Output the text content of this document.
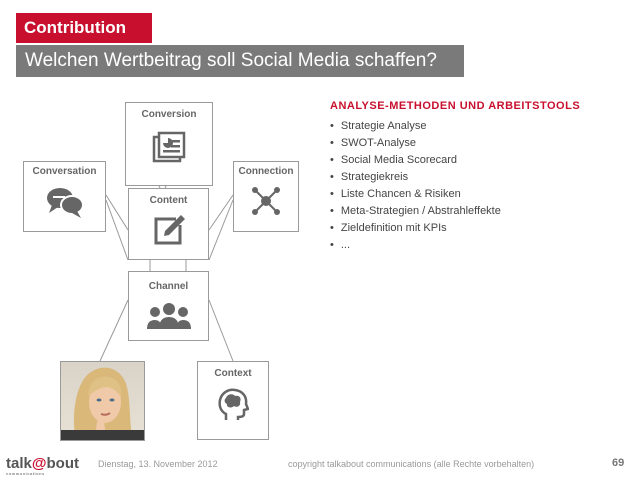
Contribution
Welchen Wertbeitrag soll Social Media schaffen?
Conversion
Conversation
Content
Connection
Channel
Context
ANALYSE-METHODEN UND ARBEITSTOOLS
• Strategie Analyse
• SWOT-Analyse
• Social Media Scorecard
• Strategiekreis
• Liste Chancen & Risiken
• Meta-Strategien / Abstrahleffekte
• Zieldefinition mit KPIs
• ...
talk@bout
communications
Dienstag, 13. November 2012	copyright talkabout communications (alle Rechte vorbehalten)	69
